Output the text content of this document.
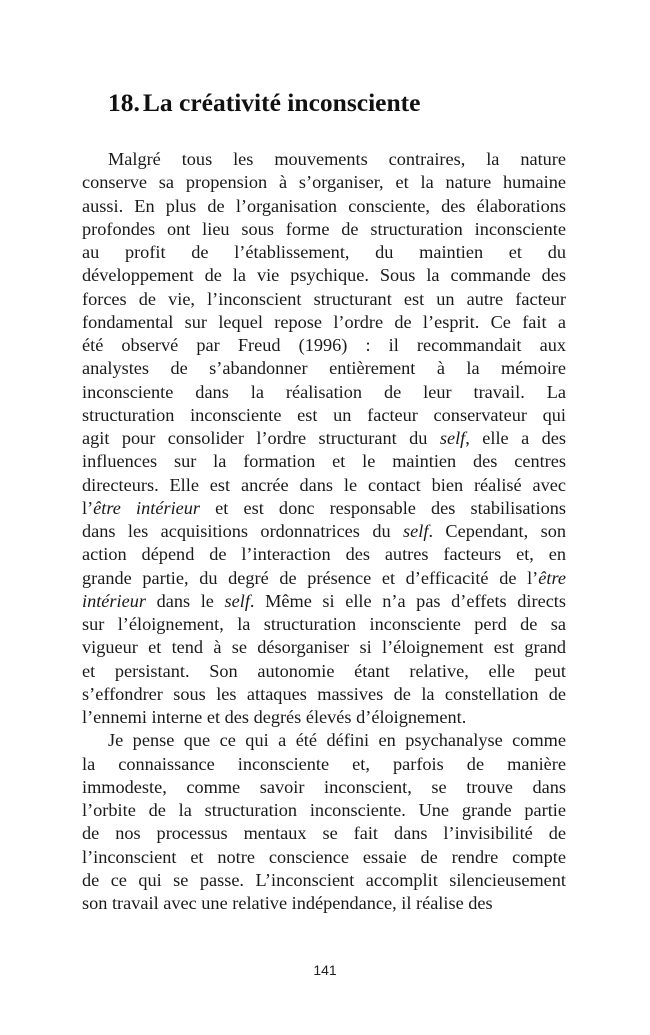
18. La créativité inconsciente
Malgré tous les mouvements contraires, la nature
conserve sa propension à s’organiser, et la nature humaine
aussi. En plus de l’organisation consciente, des élaborations
profondes ont lieu sous forme de structuration inconsciente
au profit de l’établissement, du maintien et du
développement de la vie psychique. Sous la commande des
forces de vie, l’inconscient structurant est un autre facteur
fondamental sur lequel repose l’ordre de l’esprit. Ce fait a
été observé par Freud (1996) : il recommandait aux
analystes de s’abandonner entièrement à la mémoire
inconsciente dans la réalisation de leur travail. La
structuration inconsciente est un facteur conservateur qui
agit pour consolider l’ordre structurant du self, elle a des
influences sur la formation et le maintien des centres
directeurs. Elle est ancrée dans le contact bien réalisé avec
l’être intérieur et est donc responsable des stabilisations
dans les acquisitions ordonnatrices du self. Cependant, son
action dépend de l’interaction des autres facteurs et, en
grande partie, du degré de présence et d’efficacité de l’être
intérieur dans le self. Même si elle n’a pas d’effets directs
sur l’éloignement, la structuration inconsciente perd de sa
vigueur et tend à se désorganiser si l’éloignement est grand
et persistant. Son autonomie étant relative, elle peut
s’effondrer sous les attaques massives de la constellation de
l’ennemi interne et des degrés élevés d’éloignement.
Je pense que ce qui a été défini en psychanalyse comme
la connaissance inconsciente et, parfois de manière
immodeste, comme savoir inconscient, se trouve dans
l’orbite de la structuration inconsciente. Une grande partie
de nos processus mentaux se fait dans l’invisibilité de
l’inconscient et notre conscience essaie de rendre compte
de ce qui se passe. L’inconscient accomplit silencieusement
son travail avec une relative indépendance, il réalise des
141
